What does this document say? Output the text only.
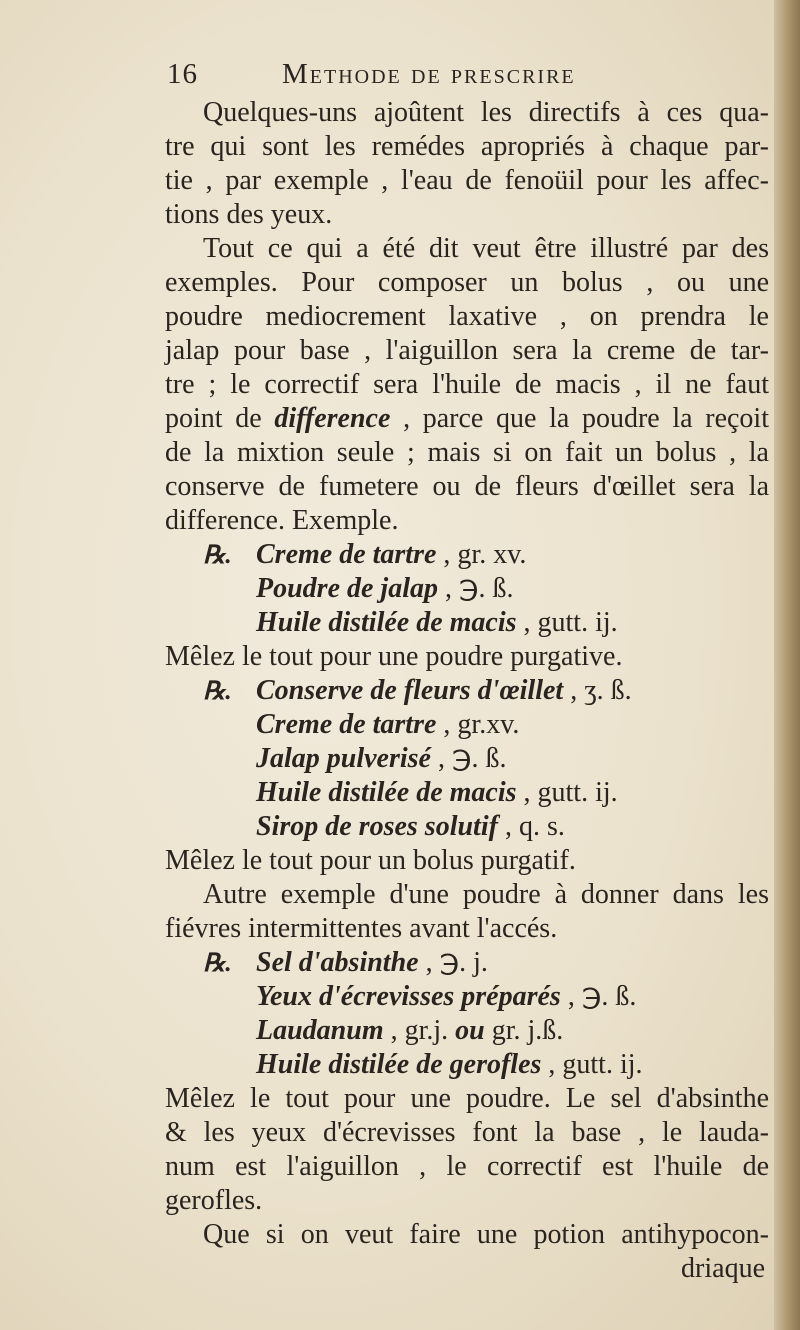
16	Methode de prescrire
Quelques-uns ajoûtent les directifs à ces qua-
tre qui sont les remédes apropriés à chaque par-
tie , par exemple , l'eau de fenoüil pour les affec-
tions des yeux.
Tout ce qui a été dit veut être illustré par des
exemples. Pour composer un bolus , ou une
poudre mediocrement laxative , on prendra le
jalap pour base , l'aiguillon sera la creme de tar-
tre ; le correctif sera l'huile de macis , il ne faut
point de difference , parce que la poudre la reçoit
de la mixtion seule ; mais si on fait un bolus , la
conserve de fumetere ou de fleurs d'œillet sera la
difference. Exemple.
℞. Creme de tartre , gr. xv.
Poudre de jalap , ℈. ß.
Huile distilée de macis , gutt. ij.
Mêlez le tout pour une poudre purgative.
℞. Conserve de fleurs d'œillet , ʒ. ß.
Creme de tartre , gr.xv.
Jalap pulverisé , ℈. ß.
Huile distilée de macis , gutt. ij.
Sirop de roses solutif , q. s.
Mêlez le tout pour un bolus purgatif.
Autre exemple d'une poudre à donner dans les
fiévres intermittentes avant l'accés.
℞. Sel d'absinthe , ℈. j.
Yeux d'écrevisses préparés , ℈. ß.
Laudanum , gr.j. ou gr. j.ß.
Huile distilée de gerofles , gutt. ij.
Mêlez le tout pour une poudre. Le sel d'absinthe
& les yeux d'écrevisses font la base , le lauda-
num est l'aiguillon , le correctif est l'huile de
gerofles.
Que si on veut faire une potion antihypocon-
driaque
